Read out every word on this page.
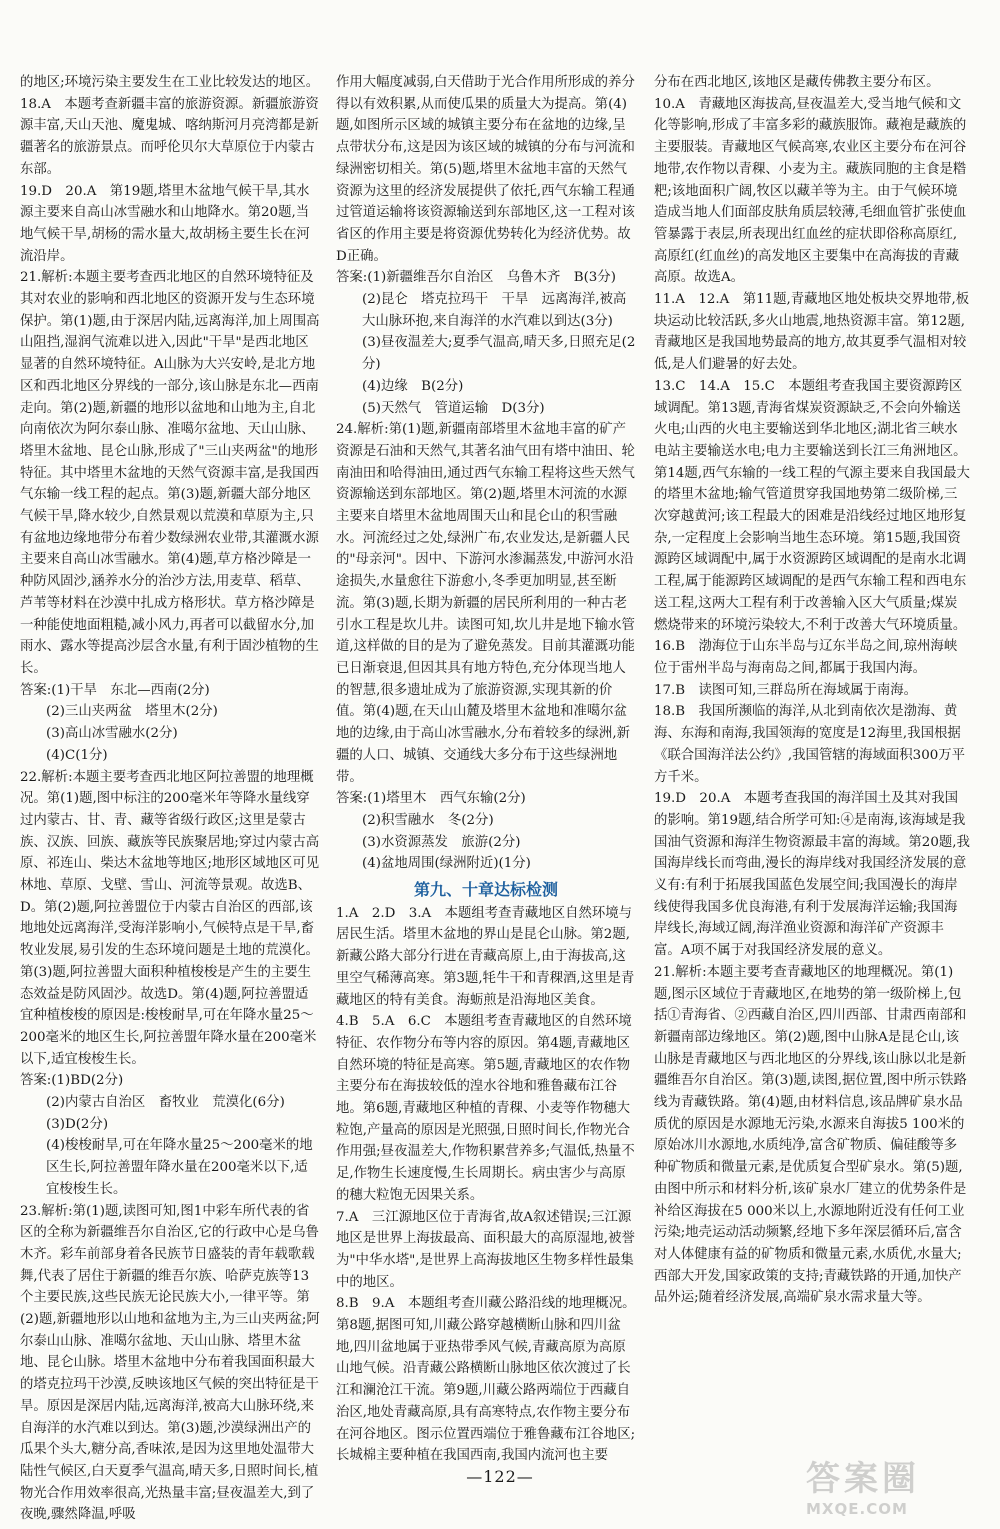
的地区;环境污染主要发生在工业比较发达的地区。

18.A　本题考查新疆丰富的旅游资源。新疆旅游资源丰富,天山天池、魔鬼城、喀纳斯河月亮湾都是新疆著名的旅游景点。而呼伦贝尔大草原位于内蒙古东部。

19.D　20.A　第19题,塔里木盆地气候干旱,其水源主要来自高山冰雪融水和山地降水。第20题,当地气候干旱,胡杨的需水量大,故胡杨主要生长在河流沿岸。

21.解析:本题主要考查西北地区的自然环境特征及其对农业的影响和西北地区的资源开发与生态环境保护。第(1)题,由于深居内陆,远离海洋,加上周围高山阻挡,湿润气流难以进入,因此"干旱"是西北地区显著的自然环境特征。A山脉为大兴安岭,是北方地区和西北地区分界线的一部分,该山脉是东北—西南走向。第(2)题,新疆的地形以盆地和山地为主,自北向南依次为阿尔泰山脉、准噶尔盆地、天山山脉、塔里木盆地、昆仑山脉,形成了"三山夹两盆"的地形特征。其中塔里木盆地的天然气资源丰富,是我国西气东输一线工程的起点。第(3)题,新疆大部分地区气候干旱,降水较少,自然景观以荒漠和草原为主,只有盆地边缘地带分布着少数绿洲农业带,其灌溉水源主要来自高山冰雪融水。第(4)题,草方格沙障是一种防风固沙,涵养水分的治沙方法,用麦草、稻草、芦苇等材料在沙漠中扎成方格形状。草方格沙障是一种能使地面粗糙,减小风力,再者可以截留水分,加雨水、露水等提高沙层含水量,有利于固沙植物的生长。

答案:(1)干旱　东北—西南(2分)

(2)三山夹两盆　塔里木(2分)

(3)高山冰雪融水(2分)

(4)C(1分)

22.解析:本题主要考查西北地区阿拉善盟的地理概况。第(1)题,图中标注的200毫米年等降水量线穿过内蒙古、甘、青、藏等省级行政区;这里是蒙古族、汉族、回族、藏族等民族聚居地;穿过内蒙古高原、祁连山、柴达木盆地等地区;地形区域地区可见林地、草原、戈壁、雪山、河流等景观。故选B、D。第(2)题,阿拉善盟位于内蒙古自治区的西部,该地地处远离海洋,受海洋影响小,气候特点是干旱,畜牧业发展,易引发的生态环境问题是土地的荒漠化。第(3)题,阿拉善盟大面积种植梭梭是产生的主要生态效益是防风固沙。故选D。第(4)题,阿拉善盟适宜种植梭梭的原因是:梭梭耐旱,可在年降水量25～200毫米的地区生长,阿拉善盟年降水量在200毫米以下,适宜梭梭生长。

答案:(1)BD(2分)

(2)内蒙古自治区　畜牧业　荒漠化(6分)

(3)D(2分)

(4)梭梭耐旱,可在年降水量25～200毫米的地区生长,阿拉善盟年降水量在200毫米以下,适宜梭梭生长。

23.解析:第(1)题,读图可知,图1中彩车所代表的省区的全称为新疆维吾尔自治区,它的行政中心是乌鲁木齐。彩车前部身着各民族节日盛装的青年载歌载舞,代表了居住于新疆的维吾尔族、哈萨克族等13个主要民族,这些民族无论民族大小,一律平等。第(2)题,新疆地形以山地和盆地为主,为三山夹两盆;阿尔泰山山脉、准噶尔盆地、天山山脉、塔里木盆地、昆仑山脉。塔里木盆地中分布着我国面积最大的塔克拉玛干沙漠,反映该地区气候的突出特征是干旱。原因是深居内陆,远离海洋,被高大山脉环绕,来自海洋的水汽难以到达。第(3)题,沙漠绿洲出产的瓜果个头大,糖分高,香味浓,是因为这里地处温带大陆性气候区,白天夏季气温高,晴天多,日照时间长,植物光合作用效率很高,光热量丰富;昼夜温差大,到了夜晚,骤然降温,呼吸

作用大幅度减弱,白天借助于光合作用所形成的养分得以有效积累,从而使瓜果的质量大为提高。第(4)题,如图所示区域的城镇主要分布在盆地的边缘,呈点带状分布,这是因为该区域的城镇的分布与河流和绿洲密切相关。第(5)题,塔里木盆地丰富的天然气资源为这里的经济发展提供了依托,西气东输工程通过管道运输将该资源输送到东部地区,这一工程对该省区的作用主要是将资源优势转化为经济优势。故D正确。

答案:(1)新疆维吾尔自治区　乌鲁木齐　B(3分)

(2)昆仑　塔克拉玛干　干旱　远离海洋,被高大山脉环抱,来自海洋的水汽难以到达(3分)

(3)昼夜温差大;夏季气温高,晴天多,日照充足(2分)

(4)边缘　B(2分)

(5)天然气　管道运输　D(3分)

24.解析:第(1)题,新疆南部塔里木盆地丰富的矿产资源是石油和天然气,其著名油气田有塔中油田、轮南油田和哈得油田,通过西气东输工程将这些天然气资源输送到东部地区。第(2)题,塔里木河流的水源主要来自塔里木盆地周围天山和昆仑山的积雪融水。河流经过之处,绿洲广布,农业发达,是新疆人民的"母亲河"。因中、下游河水渗漏蒸发,中游河水沿途损失,水量愈往下游愈小,冬季更加明显,甚至断流。第(3)题,长期为新疆的居民所利用的一种古老引水工程是坎儿井。读图可知,坎儿井是地下输水管道,这样做的目的是为了避免蒸发。目前其灌溉功能已日渐衰退,但因其具有地方特色,充分体现当地人的智慧,很多遗址成为了旅游资源,实现其新的价值。第(4)题,在天山山麓及塔里木盆地和准噶尔盆地的边缘,由于高山冰雪融水,分布着较多的绿洲,新疆的人口、城镇、交通线大多分布于这些绿洲地带。

答案:(1)塔里木　西气东输(2分)

(2)积雪融水　冬(2分)

(3)水资源蒸发　旅游(2分)

(4)盆地周围(绿洲附近)(1分)

第九、十章达标检测

1.A　2.D　3.A　本题组考查青藏地区自然环境与居民生活。塔里木盆地的界山是昆仑山脉。第2题,新藏公路大部分行进在青藏高原上,由于海拔高,这里空气稀薄高寒。第3题,牦牛干和青稞酒,这里是青藏地区的特有美食。海蛎煎是沿海地区美食。

4.B　5.A　6.C　本题组考查青藏地区的自然环境特征、农作物分布等内容的原因。第4题,青藏地区自然环境的特征是高寒。第5题,青藏地区的农作物主要分布在海拔较低的湟水谷地和雅鲁藏布江谷地。第6题,青藏地区种植的青稞、小麦等作物穗大粒饱,产量高的原因是光照强,日照时间长,作物光合作用强;昼夜温差大,作物积累营养多;气温低,热量不足,作物生长速度慢,生长周期长。病虫害少与高原的穗大粒饱无因果关系。

7.A　三江源地区位于青海省,故A叙述错误;三江源地区是世界上海拔最高、面积最大的高原湿地,被誉为"中华水塔",是世界上高海拔地区生物多样性最集中的地区。

8.B　9.A　本题组考查川藏公路沿线的地理概况。第8题,据图可知,川藏公路穿越横断山脉和四川盆地,四川盆地属于亚热带季风气候,青藏高原为高原山地气候。沿青藏公路横断山脉地区依次渡过了长江和澜沧江干流。第9题,川藏公路两端位于西藏自治区,地处青藏高原,具有高寒特点,农作物主要分布在河谷地区。图示位置西端位于雅鲁藏布江谷地区;长城棉主要种植在我国西南,我国内流河也主要

分布在西北地区,该地区是藏传佛教主要分布区。

10.A　青藏地区海拔高,昼夜温差大,受当地气候和文化等影响,形成了丰富多彩的藏族服饰。藏袍是藏族的主要服装。青藏地区气候高寒,农业区主要分布在河谷地带,农作物以青稞、小麦为主。藏族同胞的主食是糌粑;该地面积广阔,牧区以藏羊等为主。由于气候环境造成当地人们面部皮肤角质层较薄,毛细血管扩张使血管暴露于表层,所表现出红血丝的症状即俗称高原红,高原红(红血丝)的高发地区主要集中在高海拔的青藏高原。故选A。

11.A　12.A　第11题,青藏地区地处板块交界地带,板块运动比较活跃,多火山地震,地热资源丰富。第12题,青藏地区是我国地势最高的地方,故其夏季气温相对较低,是人们避暑的好去处。

13.C　14.A　15.C　本题组考查我国主要资源跨区域调配。第13题,青海省煤炭资源缺乏,不会向外输送火电;山西的火电主要输送到华北地区;湖北省三峡水电站主要输送水电;电力主要输送到长江三角洲地区。第14题,西气东输的一线工程的气源主要来自我国最大的塔里木盆地;输气管道贯穿我国地势第二级阶梯,三次穿越黄河;该工程最大的困难是沿线经过地区地形复杂,一定程度上会影响当地生态环境。第15题,我国资源跨区域调配中,属于水资源跨区域调配的是南水北调工程,属于能源跨区域调配的是西气东输工程和西电东送工程,这两大工程有利于改善输入区大气质量;煤炭燃烧带来的环境污染较大,不利于改善大气环境质量。

16.B　渤海位于山东半岛与辽东半岛之间,琼州海峡位于雷州半岛与海南岛之间,都属于我国内海。

17.B　读图可知,三群岛所在海域属于南海。

18.B　我国所濒临的海洋,从北到南依次是渤海、黄海、东海和南海,我国领海的宽度是12海里,我国根据《联合国海洋法公约》,我国管辖的海域面积300万平方千米。

19.D　20.A　本题考查我国的海洋国土及其对我国的影响。第19题,结合所学可知:④是南海,该海域是我国油气资源和海洋生物资源最丰富的海域。第20题,我国海岸线长而弯曲,漫长的海岸线对我国经济发展的意义有:有利于拓展我国蓝色发展空间;我国漫长的海岸线使得我国多优良海港,有利于发展海洋运输;我国海岸线长,海域辽阔,海洋渔业资源和海洋矿产资源丰富。A项不属于对我国经济发展的意义。

21.解析:本题主要考查青藏地区的地理概况。第(1)题,图示区域位于青藏地区,在地势的第一级阶梯上,包括①青海省、②西藏自治区,四川西部、甘肃西南部和新疆南部边缘地区。第(2)题,图中山脉A是昆仑山,该山脉是青藏地区与西北地区的分界线,该山脉以北是新疆维吾尔自治区。第(3)题,读图,据位置,图中所示铁路线为青藏铁路。第(4)题,由材料信息,该品牌矿泉水品质优的原因是水源地无污染,水源来自海拔5 100米的原始冰川水源地,水质纯净,富含矿物质、偏硅酸等多种矿物质和微量元素,是优质复合型矿泉水。第(5)题,由图中所示和材料分析,该矿泉水厂建立的优势条件是补给区海拔在5 000米以上,水源地附近没有任何工业污染;地壳运动活动频繁,经地下多年深层循环后,富含对人体健康有益的矿物质和微量元素,水质优,水量大;西部大开发,国家政策的支持;青藏铁路的开通,加快产品外运;随着经济发展,高端矿泉水需求量大等。

—122—	答案圈
MXQE.COM
